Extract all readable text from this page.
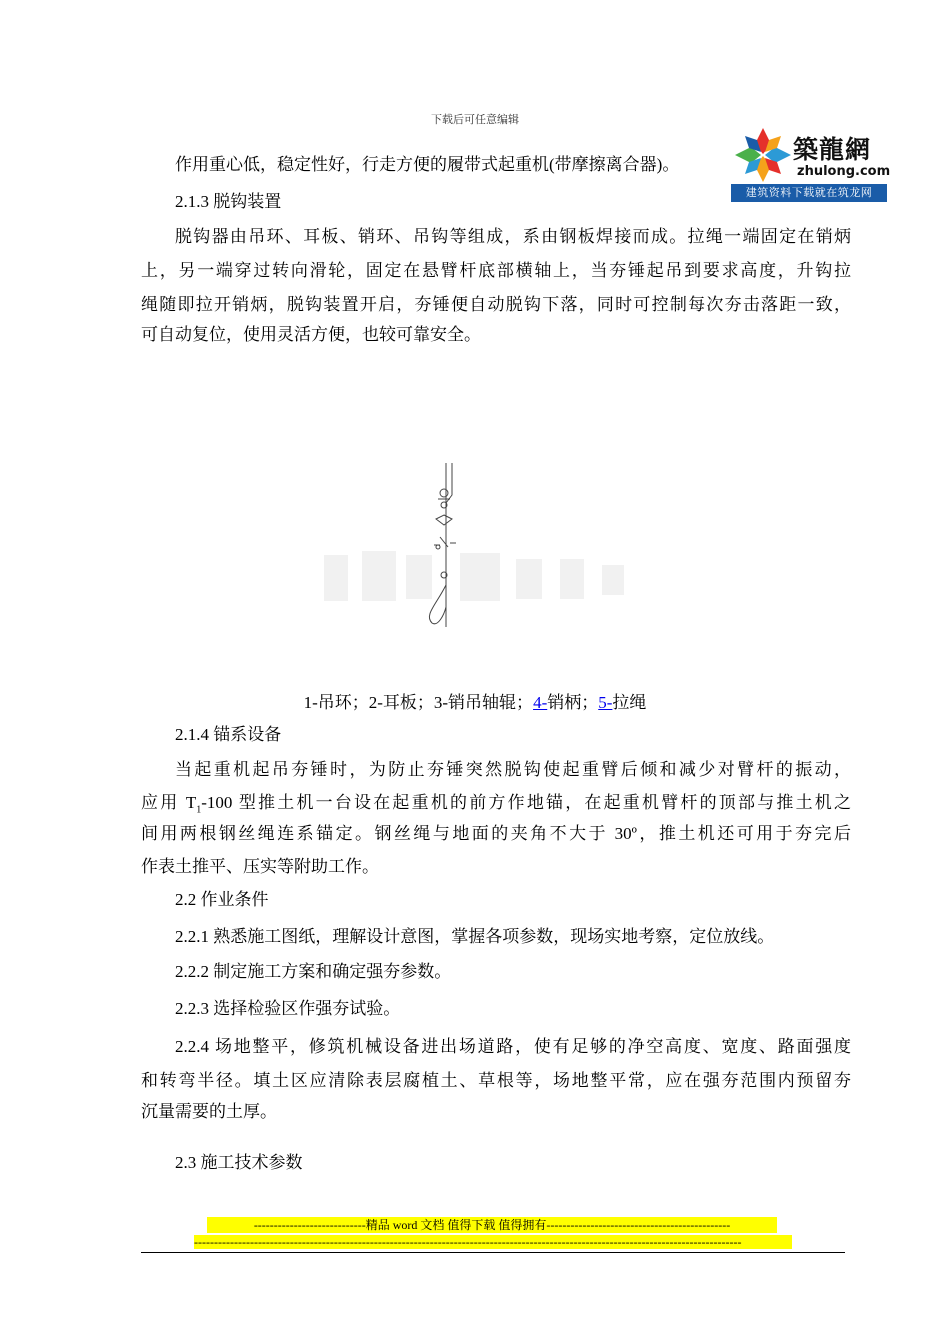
下载后可任意编辑
築龍網
zhulong.com
建筑资料下载就在筑龙网
作用重心低，稳定性好，行走方便的履带式起重机(带摩擦离合器)。
2.1.3 脱钩装置
脱钩器由吊环、耳板、销环、吊钩等组成，系由钢板焊接而成。拉绳一端固定在销炳
上，另一端穿过转向滑轮，固定在悬臂杆底部横轴上，当夯锤起吊到要求高度，升钩拉
绳随即拉开销炳，脱钩装置开启，夯锤便自动脱钩下落，同时可控制每次夯击落距一致，
可自动复位，使用灵活方便，也较可靠安全。
1-吊环；2-耳板；3-销吊轴辊；4-销柄；5-拉绳
2.1.4 锚系设备
当起重机起吊夯锤时，为防止夯锤突然脱钩使起重臂后倾和减少对臂杆的振动，
应用 $T_1-100$ 型推土机一台设在起重机的前方作地锚，在起重机臂杆的顶部与推土机之
间用两根钢丝绳连系锚定。钢丝绳与地面的夹角不大于 30º，推土机还可用于夯完后
作表土推平、压实等附助工作。
2.2 作业条件
2.2.1 熟悉施工图纸，理解设计意图，掌握各项参数，现场实地考察，定位放线。
2.2.2 制定施工方案和确定强夯参数。
2.2.3 选择检验区作强夯试验。
2.2.4 场地整平，修筑机械设备进出场道路，使有足够的净空高度、宽度、路面强度
和转弯半径。填土区应清除表层腐植土、草根等，场地整平常，应在强夯范围内预留夯
沉量需要的土厚。
2.3 施工技术参数
----------------------------精品 word 文档 值得下载 值得拥有----------------------------------------------
-----------------------------------------------------------------------------------------------------------------------------------------
